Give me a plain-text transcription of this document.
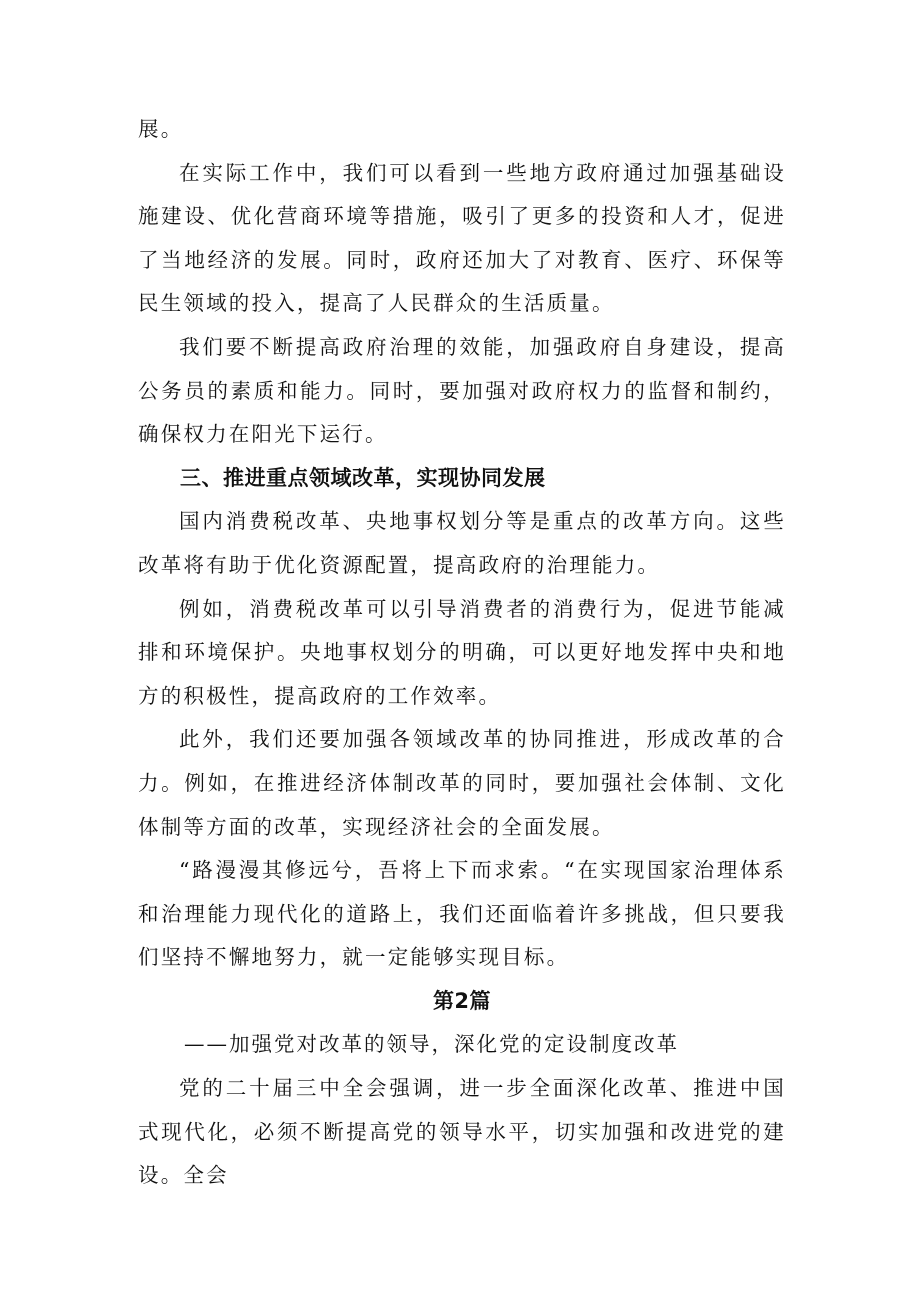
展。

在实际工作中，我们可以看到一些地方政府通过加强基础设施建设、优化营商环境等措施，吸引了更多的投资和人才，促进了当地经济的发展。同时，政府还加大了对教育、医疗、环保等民生领域的投入，提高了人民群众的生活质量。

我们要不断提高政府治理的效能，加强政府自身建设，提高公务员的素质和能力。同时，要加强对政府权力的监督和制约，确保权力在阳光下运行。

三、推进重点领域改革，实现协同发展

国内消费税改革、央地事权划分等是重点的改革方向。这些改革将有助于优化资源配置，提高政府的治理能力。

例如，消费税改革可以引导消费者的消费行为，促进节能减排和环境保护。央地事权划分的明确，可以更好地发挥中央和地方的积极性，提高政府的工作效率。

此外，我们还要加强各领域改革的协同推进，形成改革的合力。例如，在推进经济体制改革的同时，要加强社会体制、文化体制等方面的改革，实现经济社会的全面发展。

“路漫漫其修远兮，吾将上下而求索。“在实现国家治理体系和治理能力现代化的道路上，我们还面临着许多挑战，但只要我们坚持不懈地努力，就一定能够实现目标。

第2篇

——加强党对改革的领导，深化党的定设制度改革

党的二十届三中全会强调，进一步全面深化改革、推进中国式现代化，必须不断提高党的领导水平，切实加强和改进党的建设。全会
